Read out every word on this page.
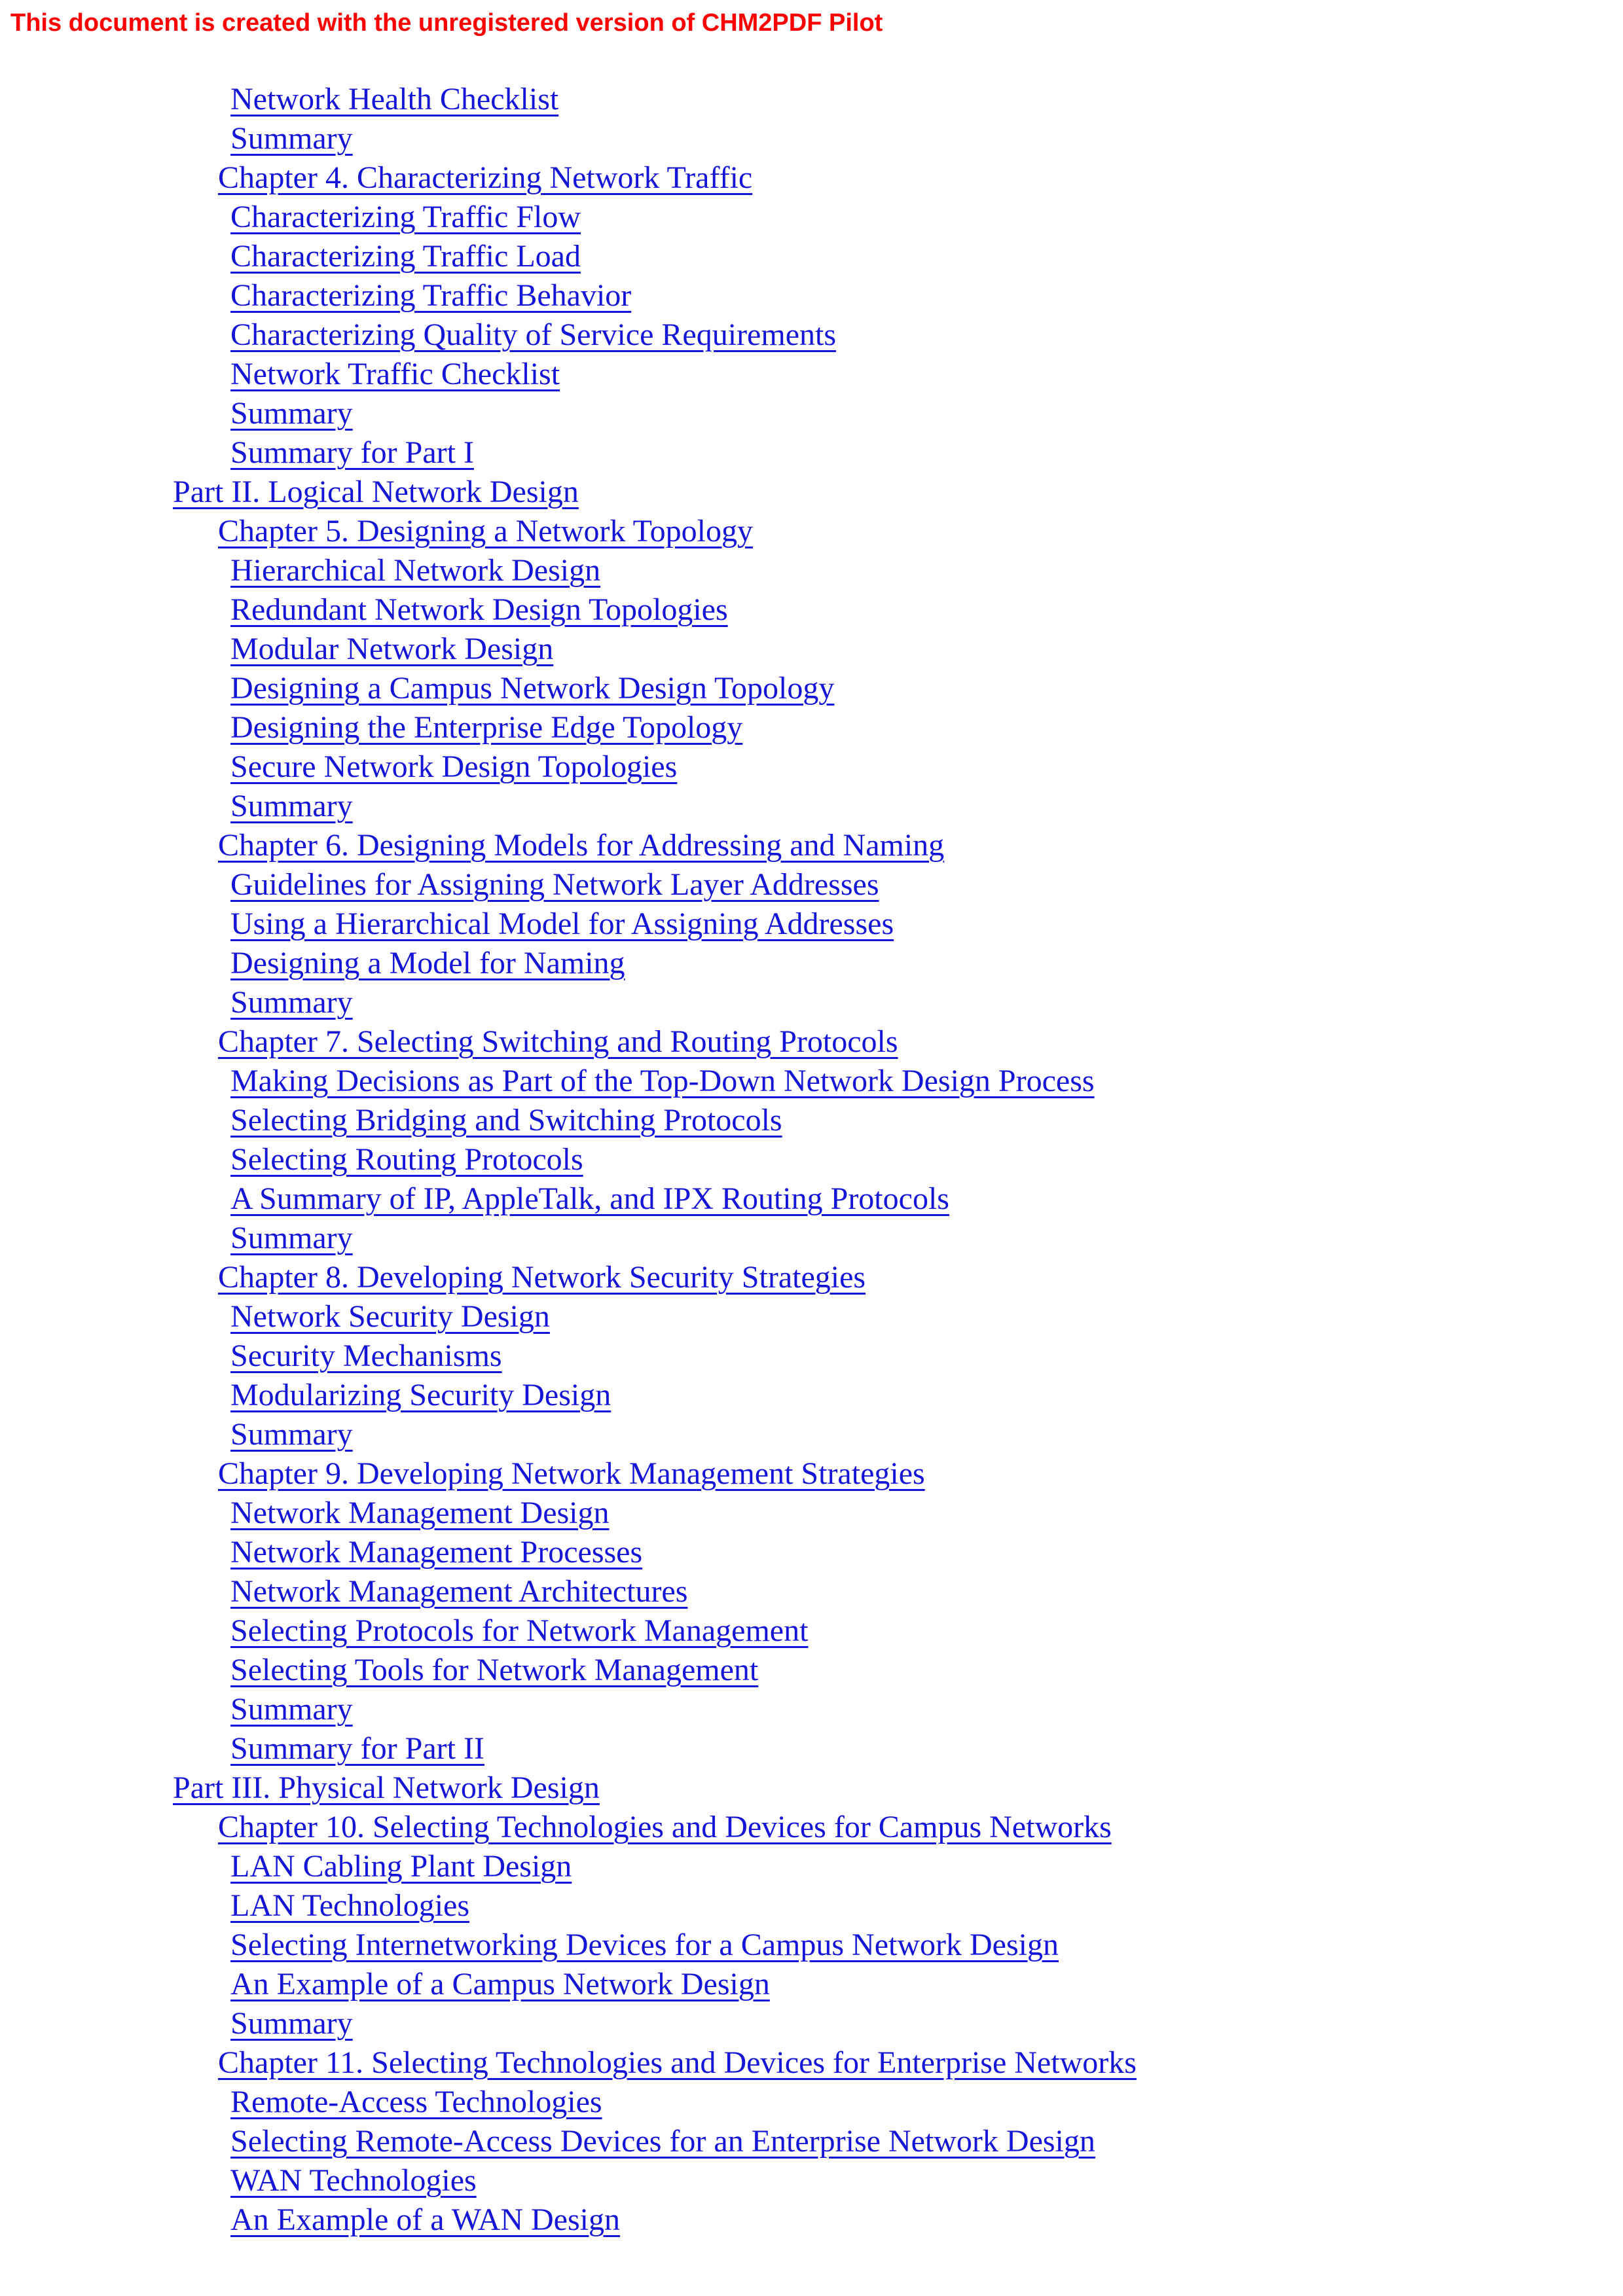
This document is created with the unregistered version of CHM2PDF Pilot
Network Health Checklist
Summary
Chapter 4. Characterizing Network Traffic
Characterizing Traffic Flow
Characterizing Traffic Load
Characterizing Traffic Behavior
Characterizing Quality of Service Requirements
Network Traffic Checklist
Summary
Summary for Part I
Part II. Logical Network Design
Chapter 5. Designing a Network Topology
Hierarchical Network Design
Redundant Network Design Topologies
Modular Network Design
Designing a Campus Network Design Topology
Designing the Enterprise Edge Topology
Secure Network Design Topologies
Summary
Chapter 6. Designing Models for Addressing and Naming
Guidelines for Assigning Network Layer Addresses
Using a Hierarchical Model for Assigning Addresses
Designing a Model for Naming
Summary
Chapter 7. Selecting Switching and Routing Protocols
Making Decisions as Part of the Top-Down Network Design Process
Selecting Bridging and Switching Protocols
Selecting Routing Protocols
A Summary of IP, AppleTalk, and IPX Routing Protocols
Summary
Chapter 8. Developing Network Security Strategies
Network Security Design
Security Mechanisms
Modularizing Security Design
Summary
Chapter 9. Developing Network Management Strategies
Network Management Design
Network Management Processes
Network Management Architectures
Selecting Protocols for Network Management
Selecting Tools for Network Management
Summary
Summary for Part II
Part III. Physical Network Design
Chapter 10. Selecting Technologies and Devices for Campus Networks
LAN Cabling Plant Design
LAN Technologies
Selecting Internetworking Devices for a Campus Network Design
An Example of a Campus Network Design
Summary
Chapter 11. Selecting Technologies and Devices for Enterprise Networks
Remote-Access Technologies
Selecting Remote-Access Devices for an Enterprise Network Design
WAN Technologies
An Example of a WAN Design
